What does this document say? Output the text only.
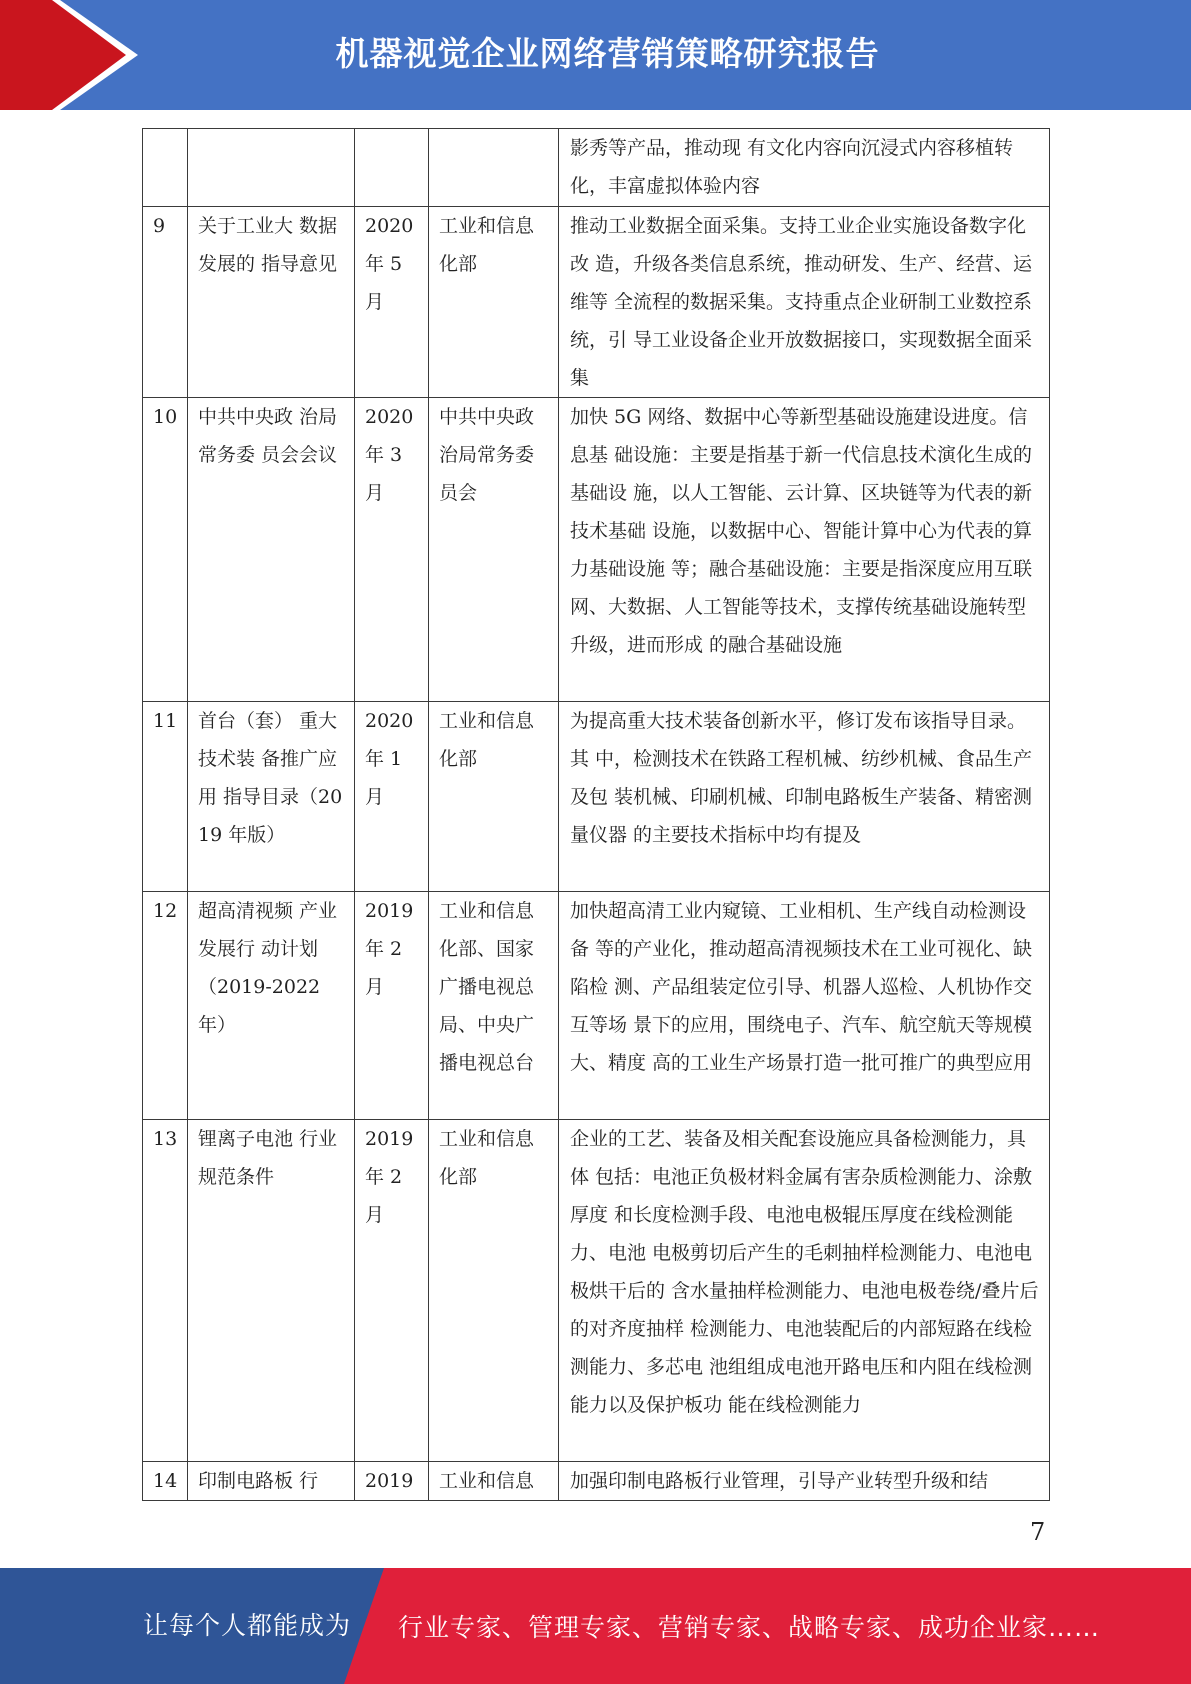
机器视觉企业网络营销策略研究报告
				影秀等产品，推动现 有文化内容向沉浸式内容移植转化，丰富虚拟体验内容
9	关于工业大 数据发展的 指导意见	2020 年 5 月	工业和信息化部	推动工业数据全面采集。支持工业企业实施设备数字化改 造，升级各类信息系统，推动研发、生产、经营、运维等 全流程的数据采集。支持重点企业研制工业数控系统，引 导工业设备企业开放数据接口，实现数据全面采集
10	中共中央政 治局常务委 员会会议	2020 年 3 月	中共中央政治局常务委员会	加快 5G 网络、数据中心等新型基础设施建设进度。信息基 础设施：主要是指基于新一代信息技术演化生成的基础设 施，以人工智能、云计算、区块链等为代表的新技术基础 设施，以数据中心、智能计算中心为代表的算力基础设施 等；融合基础设施：主要是指深度应用互联网、大数据、人工智能等技术，支撑传统基础设施转型升级，进而形成 的融合基础设施
11	首台（套） 重大技术装 备推广应用 指导目录（2019 年版）	2020 年 1 月	工业和信息化部	为提高重大技术装备创新水平，修订发布该指导目录。其 中，检测技术在铁路工程机械、纺纱机械、食品生产及包 装机械、印刷机械、印制电路板生产装备、精密测量仪器 的主要技术指标中均有提及
12	超高清视频 产业发展行 动计划 （2019-2022 年）	2019 年 2 月	工业和信息化部、国家广播电视总局、中央广播电视总台	加快超高清工业内窥镜、工业相机、生产线自动检测设备 等的产业化，推动超高清视频技术在工业可视化、缺陷检 测、产品组装定位引导、机器人巡检、人机协作交互等场 景下的应用，围绕电子、汽车、航空航天等规模大、精度 高的工业生产场景打造一批可推广的典型应用
13	锂离子电池 行业规范条件	2019 年 2 月	工业和信息化部	企业的工艺、装备及相关配套设施应具备检测能力，具体 包括：电池正负极材料金属有害杂质检测能力、涂敷厚度 和长度检测手段、电池电极辊压厚度在线检测能力、电池 电极剪切后产生的毛刺抽样检测能力、电池电极烘干后的 含水量抽样检测能力、电池电极卷绕/叠片后的对齐度抽样 检测能力、电池装配后的内部短路在线检测能力、多芯电 池组组成电池开路电压和内阻在线检测能力以及保护板功 能在线检测能力
14	印制电路板 行	2019	工业和信息	加强印制电路板行业管理，引导产业转型升级和结
7
让每个人都能成为 行业专家、管理专家、营销专家、战略专家、成功企业家……
